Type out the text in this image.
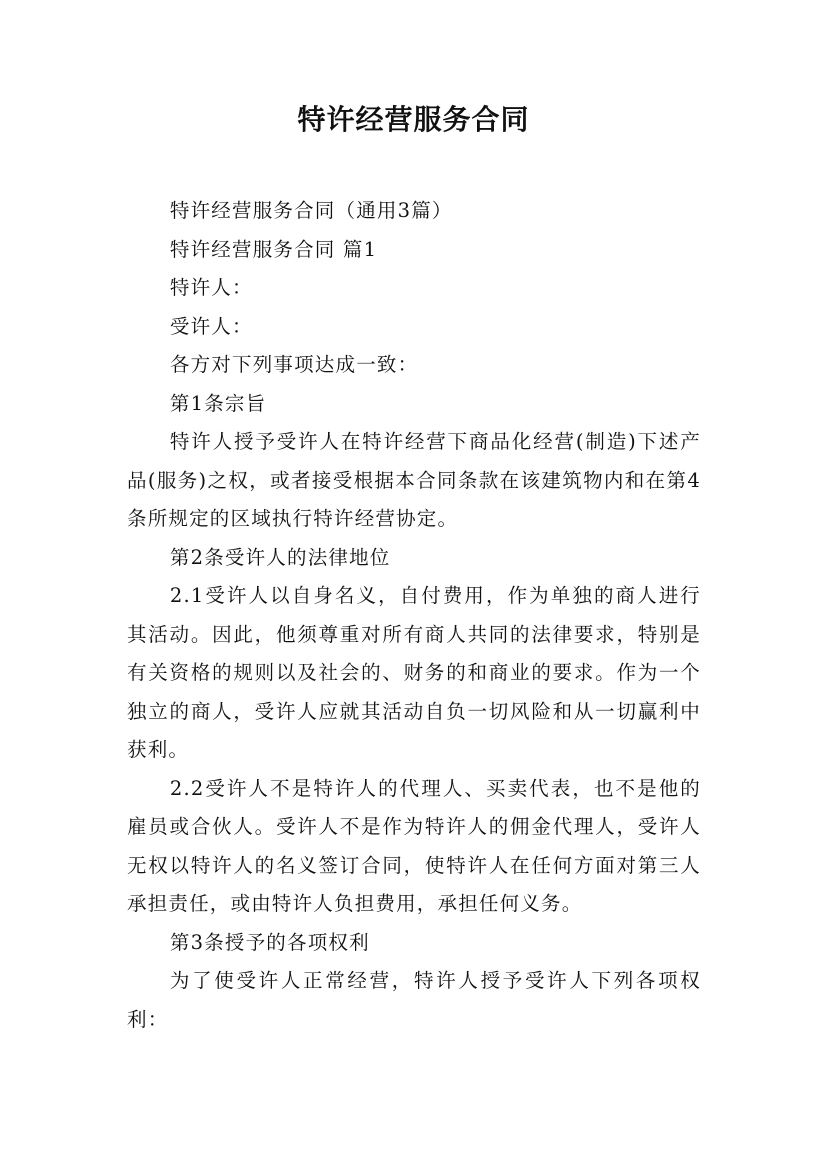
特许经营服务合同

特许经营服务合同（通用3篇）

特许经营服务合同 篇1

特许人：

受许人：

各方对下列事项达成一致：

第1条宗旨

特许人授予受许人在特许经营下商品化经营(制造)下述产品(服务)之权，或者接受根据本合同条款在该建筑物内和在第4条所规定的区域执行特许经营协定。

第2条受许人的法律地位

2.1受许人以自身名义，自付费用，作为单独的商人进行其活动。因此，他须尊重对所有商人共同的法律要求，特别是有关资格的规则以及社会的、财务的和商业的要求。作为一个独立的商人，受许人应就其活动自负一切风险和从一切赢利中获利。

2.2受许人不是特许人的代理人、买卖代表，也不是他的雇员或合伙人。受许人不是作为特许人的佣金代理人，受许人无权以特许人的名义签订合同，使特许人在任何方面对第三人承担责任，或由特许人负担费用，承担任何义务。

第3条授予的各项权利

为了使受许人正常经营，特许人授予受许人下列各项权利：
